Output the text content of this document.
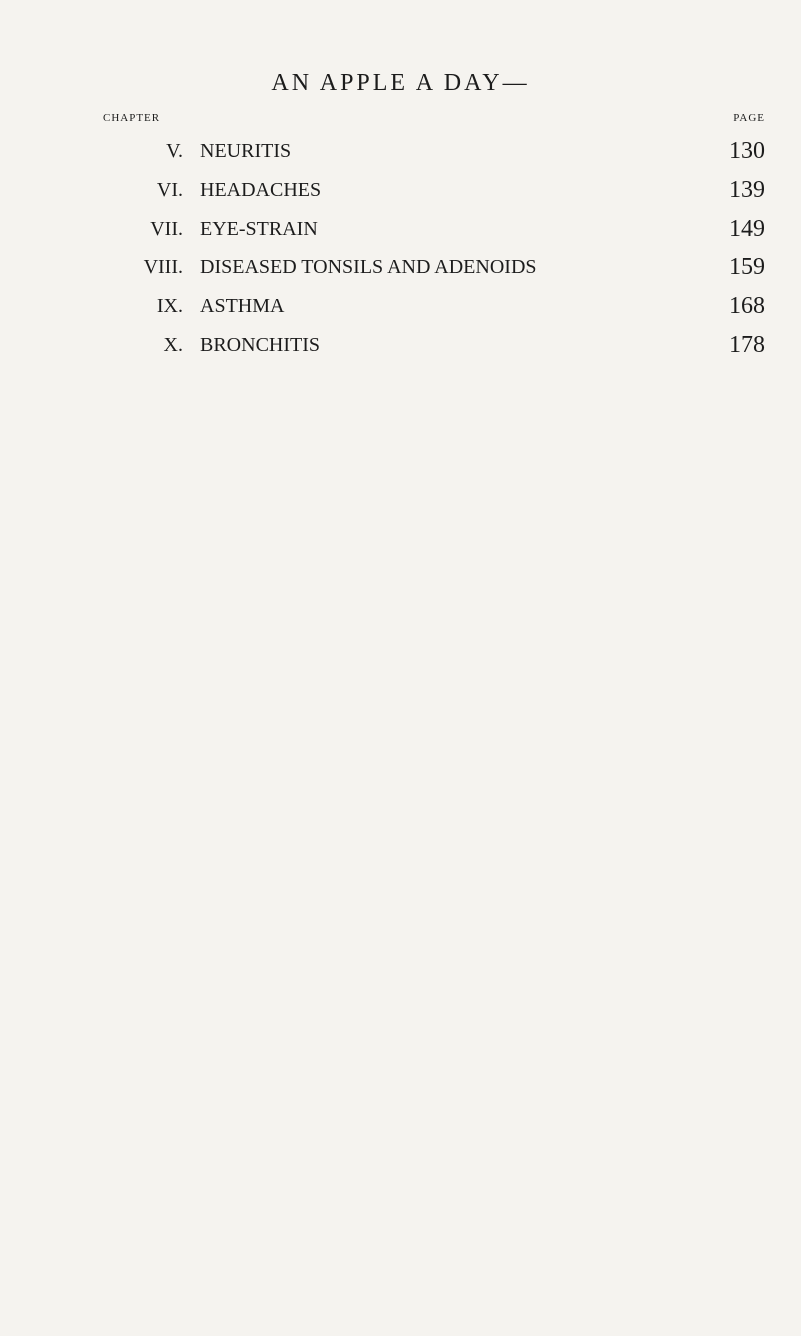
AN APPLE A DAY—
CHAPTER	PAGE
V. NEURITIS	130
VI. HEADACHES	139
VII. EYE-STRAIN	149
VIII. DISEASED TONSILS AND ADENOIDS	159
IX. ASTHMA	168
X. BRONCHITIS	178
